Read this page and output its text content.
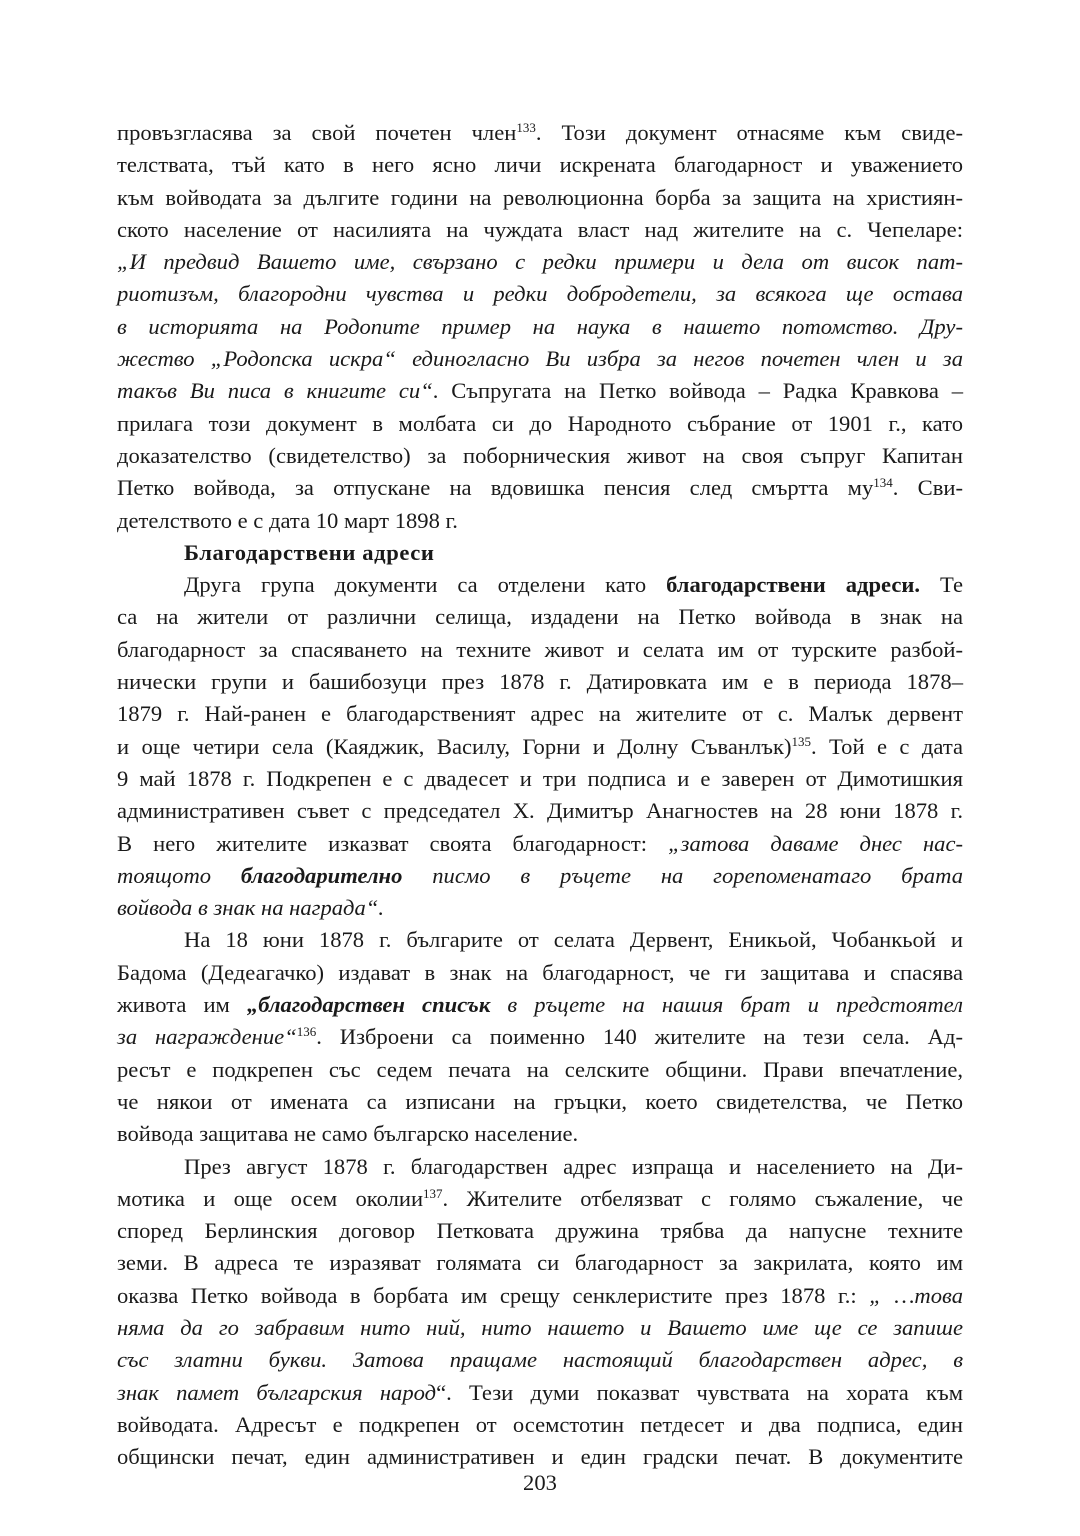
провъзгласява за свой почетен член$^{133}$. Този документ отнасяме към свиде-
телствата, тъй като в него ясно личи искрената благодарност и уважението
към войводата за дългите години на революционна борба за защита на християн-
ското население от насилията на чуждата власт над жителите на с. Чепеларе:
„И предвид Вашето име, свързано с редки примери и дела от висок пат-
риотизъм, благородни чувства и редки добродетели, за всякога ще остава
в историята на Родопите пример на наука в нашето потомство. Дру-
жество „Родопска искра“ единогласно Ви избра за негов почетен член и за
такъв Ви писа в книгите си“. Съпругата на Петко войвода – Радка Кравкова –
прилага този документ в молбата си до Народното събрание от 1901 г., като
доказателство (свидетелство) за поборническия живот на своя съпруг Капитан
Петко войвода, за отпускане на вдовишка пенсия след смъртта $му^{134}$. Сви-
детелството е с дата 10 март 1898 г.
Благодарствени адреси
Друга група документи са отделени като благодарствени адреси. Те
са на жители от различни селища, издадени на Петко войвода в знак на
благодарност за спасяването на техните живот и селата им от турските разбой-
нически групи и башибозуци през 1878 г. Датировката им е в периода 1878–
1879 г. Най-ранен е благодарственият адрес на жителите от с. Малък дервент
и още четири села (Каяджик, Василу, Горни и Долну Съванлък)$^{135}$. Той е с дата
9 май 1878 г. Подкрепен е с двадесет и три подписа и е заверен от Димотишкия
административен съвет с председател Х. Димитър Анагностев на 28 юни 1878 г.
В него жителите изказват своята благодарност: „затова даваме днес нас-
тоящото благодарително писмо в ръцете на горепоменатаго брата
войвода в знак на награда“.
На 18 юни 1878 г. българите от селата Дервент, Еникьой, Чобанкьой и
Бадома (Дедеагачко) издават в знак на благодарност, че ги защитава и спасява
живота им „благодарствен списък в ръцете на нашия брат и предстоятел
за награждение“$^{136}$. Изброени са поименно 140 жителите на тези села. Ад-
ресът е подкрепен със седем печата на селските общини. Прави впечатление,
че някои от имената са изписани на гръцки, което свидетелства, че Петко
войвода защитава не само българско население.
През август 1878 г. благодарствен адрес изпраща и населението на Ди-
мотика и още осем околии$^{137}$. Жителите отбелязват с голямо съжаление, че
според Берлинския договор Петковата дружина трябва да напусне техните
земи. В адреса те изразяват голямата си благодарност за закрилата, която им
оказва Петко войвода в борбата им срещу сенклеристите през 1878 г.: „ …това
няма да го забравим нито ний, нито нашето и Вашето име ще се запише
със златни букви. Затова пращаме настоящий благодарствен адрес, в
знак памет българския народ“. Тези думи показват чувствата на хората към
войводата. Адресът е подкрепен от осемстотин петдесет и два подписа, един
общински печат, един административен и един градски печат. В документите
203
